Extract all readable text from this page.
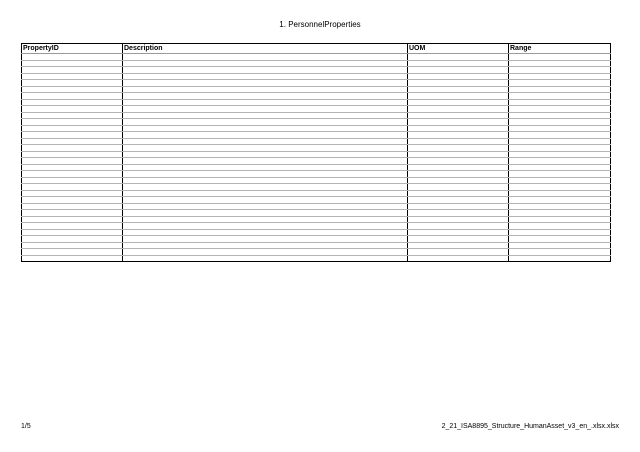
1. PersonnelProperties
PropertyID	Description	UOM	Range

1/5	2_21_ISA8895_Structure_HumanAsset_v3_en_.xlsx.xlsx
